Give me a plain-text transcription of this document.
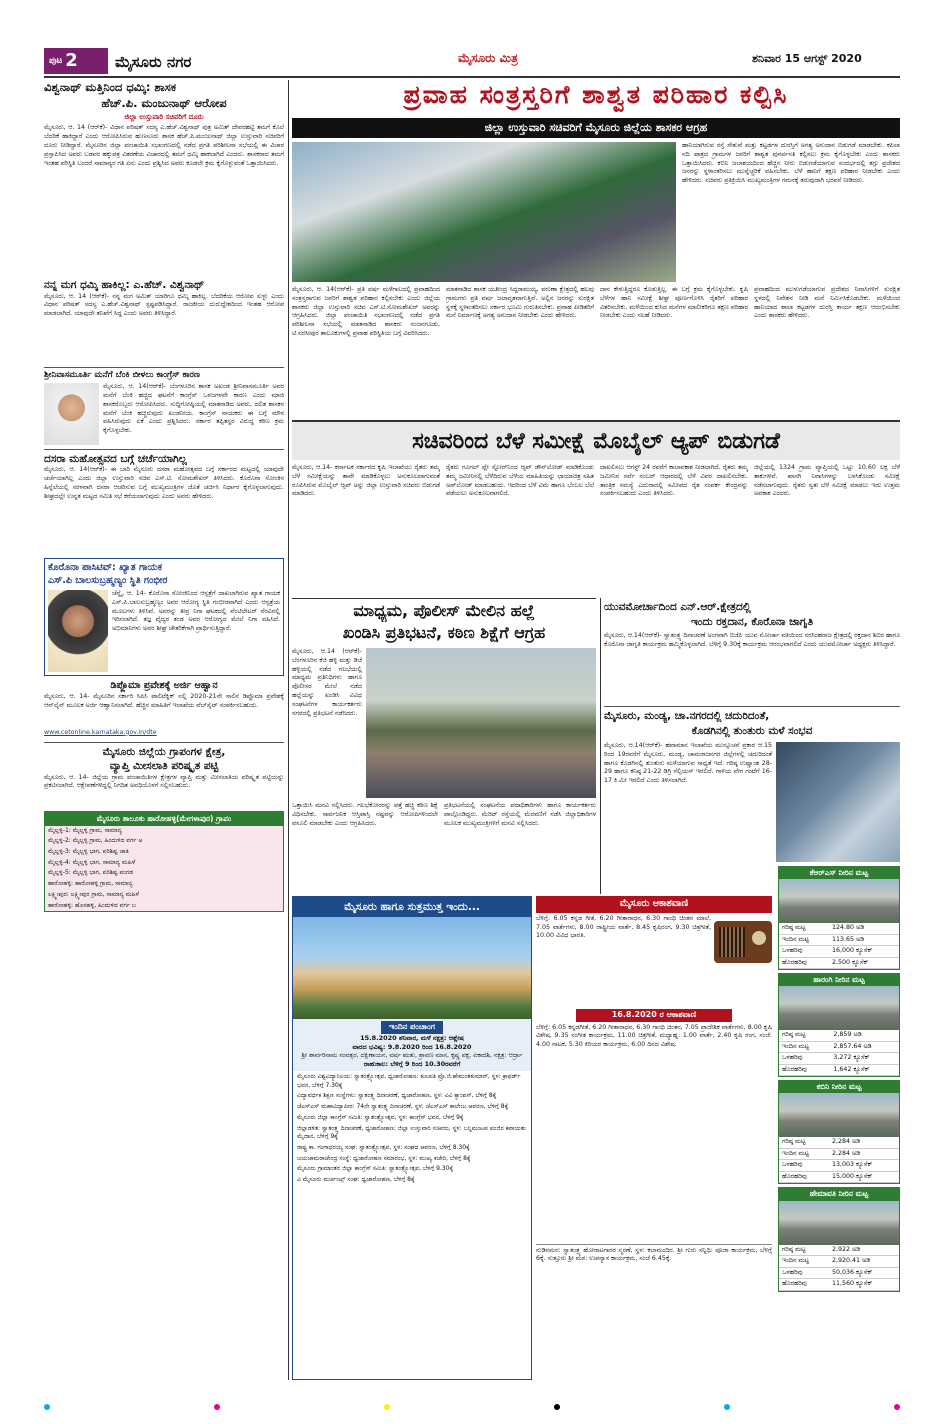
ಪುಟ 2 ಮೈಸೂರು ನಗರ	ಮೈಸೂರು ಮಿತ್ರ	ಶನಿವಾರ 15 ಆಗಸ್ಟ್ 2020
ವಿಶ್ವನಾಥ್ ಮತ್ತಿನಿಂದ ಧಮ್ಕಿ: ಶಾಸಕ
ಹೆಚ್.ಪಿ. ಮಂಜುನಾಥ್ ಆರೋಪ
ಜಿಲ್ಲಾ ಉಸ್ತುವಾರಿ ಸಚಿವರಿಗೆ ದೂರು
ಮೈಸೂರು, ಆ. 14 (ಆರ್‌ಕೆ)- ವಿಧಾನ ಪರಿಷತ್ ಸದಸ್ಯ ಎ.ಹೆಚ್.ವಿಶ್ವನಾಥ್ ಪುತ್ರ ಅಮಿತ್ ದೇವರಹಟ್ಟಿ ತಮಗೆ ಕೊಲೆ ಬೆದರಿಕೆ ಹಾಕಿದ್ದಾರೆ ಎಂದು ಆರೋಪಿಸಿರುವ ಹುಣಸೂರು ಶಾಸಕ ಹೆಚ್.ಪಿ.ಮಂಜುನಾಥ್ ಜಿಲ್ಲಾ ಉಸ್ತುವಾರಿ ಸಚಿವರಿಗೆ ದೂರು ನೀಡಿದ್ದಾರೆ. ಮೈಸೂರಿನ ಜಿಲ್ಲಾ ಪಂಚಾಯಿತಿ ಸಭಾಂಗಣದಲ್ಲಿ ನಡೆದ ಪ್ರಗತಿ ಪರಿಶೀಲನಾ ಸಭೆಯಲ್ಲಿ ಈ ವಿಚಾರ ಪ್ರಸ್ತಾಪಿಸಿದ ಅವರು ಬಡವರ ಹಕ್ಕುಪತ್ರ ವಿತರಣೆಯ ವಿಚಾರದಲ್ಲಿ ತಮಗೆ ಧಮ್ಕಿ ಹಾಕಲಾಗಿದೆ ಎಂದರು. ಶಾಸಕರಾದ ತಮಗೆ ಇಂತಹ ಪರಿಸ್ಥಿತಿ ಬಂದರೆ ಸಾಮಾನ್ಯರ ಗತಿ ಏನು ಎಂದು ಪ್ರಶ್ನಿಸಿದ ಅವರು ಕೂಡಲೇ ಕ್ರಮ ಕೈಗೊಳ್ಳುವಂತೆ ಒತ್ತಾಯಿಸಿದರು.
ನನ್ನ ಮಗ ಧಮ್ಕಿ ಹಾಕಿಲ್ಲ: ಎ.ಹೆಚ್. ವಿಶ್ವನಾಥ್
ಮೈಸೂರು, ಆ. 14 (ಆರ್‌ಕೆ)- ನನ್ನ ಮಗ ಅಮಿತ್ ಯಾರಿಗೂ ಧಮ್ಕಿ ಹಾಕಿಲ್ಲ. ಬೆದರಿಕೆಯ ಆರೋಪ ಸುಳ್ಳು ಎಂದು ವಿಧಾನ ಪರಿಷತ್ ಸದಸ್ಯ ಎ.ಹೆಚ್.ವಿಶ್ವನಾಥ್ ಸ್ಪಷ್ಟಪಡಿಸಿದ್ದಾರೆ. ರಾಜಕೀಯ ದುರುದ್ದೇಶದಿಂದ ಇಂತಹ ಆರೋಪ ಮಾಡಲಾಗಿದೆ. ಯಾವುದೇ ತನಿಖೆಗೆ ಸಿದ್ಧ ಎಂದು ಅವರು ತಿಳಿಸಿದ್ದಾರೆ.
ಶ್ರೀನಿವಾಸಮೂರ್ತಿ ಮನೆಗೆ ಬೆಂಕಿ ಬೀಳಲು ಕಾಂಗ್ರೆಸ್ ಕಾರಣ
ಮೈಸೂರು, ಆ. 14(ಆರ್‌ಕೆ)- ಬೆಂಗಳೂರಿನ ಶಾಸಕ ಅಖಂಡ ಶ್ರೀನಿವಾಸಮೂರ್ತಿ ಅವರ ಮನೆಗೆ ಬೆಂಕಿ ಹಚ್ಚಿದ ಘಟನೆಗೆ ಕಾಂಗ್ರೆಸ್ ಒಳಜಗಳವೇ ಕಾರಣ ಎಂದು ಮಾಜಿ ಶಾಸಕರೊಬ್ಬರು ಆರೋಪಿಸಿದರು. ಸುದ್ದಿಗೋಷ್ಠಿಯಲ್ಲಿ ಮಾತನಾಡಿದ ಅವರು, ದಲಿತ ಶಾಸಕನ ಮನೆಗೆ ಬೆಂಕಿ ಹಚ್ಚಿರುವುದು ಖಂಡನೀಯ. ಕಾಂಗ್ರೆಸ್ ನಾಯಕರು ಈ ಬಗ್ಗೆ ಮೌನ ವಹಿಸಿರುವುದು ಏಕೆ ಎಂದು ಪ್ರಶ್ನಿಸಿದರು. ಸರ್ಕಾರ ತಪ್ಪಿತಸ್ಥರ ವಿರುದ್ಧ ಕಠಿಣ ಕ್ರಮ ಕೈಗೊಳ್ಳಬೇಕು.
ದಸರಾ ಮಹೋತ್ಸವದ ಬಗ್ಗೆ ಚರ್ಚೆಯಾಗಿಲ್ಲ
ಮೈಸೂರು, ಆ. 14(ಆರ್‌ಕೆ)- ಈ ಬಾರಿ ಮೈಸೂರು ದಸರಾ ಮಹೋತ್ಸವದ ಬಗ್ಗೆ ಸರ್ಕಾರದ ಮಟ್ಟದಲ್ಲಿ ಯಾವುದೇ ಚರ್ಚೆಯಾಗಿಲ್ಲ ಎಂದು ಜಿಲ್ಲಾ ಉಸ್ತುವಾರಿ ಸಚಿವ ಎಸ್.ಟಿ. ಸೋಮಶೇಖರ್ ತಿಳಿಸಿದರು. ಕೊರೊನಾ ಸೋಂಕಿನ ಹಿನ್ನೆಲೆಯಲ್ಲಿ ಸರಳವಾಗಿ ದಸರಾ ಆಚರಿಸುವ ಬಗ್ಗೆ ಮುಖ್ಯಮಂತ್ರಿಗಳ ಜೊತೆ ಚರ್ಚಿಸಿ ನಿರ್ಧಾರ ಕೈಗೊಳ್ಳಲಾಗುವುದು. ಶೀಘ್ರದಲ್ಲೇ ಉನ್ನತ ಮಟ್ಟದ ಸಮಿತಿ ಸಭೆ ಕರೆಯಲಾಗುವುದು ಎಂದು ಅವರು ಹೇಳಿದರು.
ಕೊರೊನಾ ಪಾಸಿಟಿವ್: ಖ್ಯಾತ ಗಾಯಕ
ಎಸ್.ಪಿ ಬಾಲಸುಬ್ರಹ್ಮಣ್ಯಂ ಸ್ಥಿತಿ ಗಂಭೀರ
ಚೆನ್ನೈ, ಆ. 14- ಕೊರೊನಾ ಸೋಂಕಿನಿಂದ ಆಸ್ಪತ್ರೆಗೆ ದಾಖಲಾಗಿರುವ ಖ್ಯಾತ ಗಾಯಕ ಎಸ್.ಪಿ.ಬಾಲಸುಬ್ರಹ್ಮಣ್ಯಂ ಅವರ ಆರೋಗ್ಯ ಸ್ಥಿತಿ ಗಂಭೀರವಾಗಿದೆ ಎಂದು ಆಸ್ಪತ್ರೆಯ ಮೂಲಗಳು ತಿಳಿಸಿವೆ. ಅವರನ್ನು ತೀವ್ರ ನಿಗಾ ಘಟಕದಲ್ಲಿ ವೆಂಟಿಲೇಟರ್ ನೆರವಿನಲ್ಲಿ ಇರಿಸಲಾಗಿದೆ. ತಜ್ಞ ವೈದ್ಯರ ತಂಡ ಅವರ ಆರೋಗ್ಯದ ಮೇಲೆ ನಿಗಾ ವಹಿಸಿದೆ. ಅಭಿಮಾನಿಗಳು ಅವರ ಶೀಘ್ರ ಚೇತರಿಕೆಗಾಗಿ ಪ್ರಾರ್ಥಿಸುತ್ತಿದ್ದಾರೆ.
ಡಿಪ್ಲೊಮಾ ಪ್ರವೇಶಕ್ಕೆ ಅರ್ಜಿ ಆಹ್ವಾನ
ಮೈಸೂರು, ಆ. 14- ಮೈಸೂರಿನ ಸರ್ಕಾರಿ ಸಿಪಿಸಿ ಪಾಲಿಟೆಕ್ನಿಕ್ ನಲ್ಲಿ 2020-21ನೇ ಸಾಲಿನ ಡಿಪ್ಲೊಮಾ ಪ್ರವೇಶಕ್ಕೆ ಆನ್‌ಲೈನ್ ಮೂಲಕ ಅರ್ಜಿ ಆಹ್ವಾನಿಸಲಾಗಿದೆ. ಹೆಚ್ಚಿನ ಮಾಹಿತಿಗೆ ಇಲಾಖೆಯ ವೆಬ್‌ಸೈಟ್ ಸಂಪರ್ಕಿಸಬಹುದು.
www.cetonline.karnataka.gov.in/dte
ಮೈಸೂರು ಜಿಲ್ಲೆಯ ಗ್ರಾಪಂಗಳ ಕ್ಷೇತ್ರ,
ವ್ಯಾಪ್ತಿ ಮೀಸಲಾತಿ ಪರಿಷ್ಕೃತ ಪಟ್ಟಿ
ಮೈಸೂರು, ಆ. 14- ಜಿಲ್ಲೆಯ ಗ್ರಾಮ ಪಂಚಾಯಿತಿಗಳ ಕ್ಷೇತ್ರಗಳ ವ್ಯಾಪ್ತಿ ಮತ್ತು ಮೀಸಲಾತಿಯ ಪರಿಷ್ಕೃತ ಪಟ್ಟಿಯನ್ನು ಪ್ರಕಟಿಸಲಾಗಿದೆ. ಆಕ್ಷೇಪಣೆಗಳಿದ್ದಲ್ಲಿ ನಿಗದಿತ ಅವಧಿಯೊಳಗೆ ಸಲ್ಲಿಸಬಹುದು.
ಮೈಸೂರು ತಾಲೂಕು ಹಾರೋಹಳ್ಳಿ(ಮೇಗಳಾಪುರ) ಗ್ರಾಪಂ
ಮೈಲ್ಲಳ್ಳಿ-1: ಮೈಲ್ಲಳ್ಳಿ ಗ್ರಾಮ, ಸಾಮಾನ್ಯ
ಮೈಲ್ಲಳ್ಳಿ-2: ಮೈಲ್ಲಳ್ಳಿ ಗ್ರಾಮ, ಹಿಂದುಳಿದ ವರ್ಗ ಅ
ಮೈಲ್ಲಳ್ಳಿ-3: ಮೈಲ್ಲಳ್ಳಿ ಭಾಗ, ಪರಿಶಿಷ್ಟ ಜಾತಿ
ಮೈಲ್ಲಳ್ಳಿ-4: ಮೈಲ್ಲಳ್ಳಿ ಭಾಗ, ಸಾಮಾನ್ಯ ಮಹಿಳೆ
ಮೈಲ್ಲಳ್ಳಿ-5: ಮೈಲ್ಲಳ್ಳಿ ಭಾಗ, ಪರಿಶಿಷ್ಟ ಪಂಗಡ
ಹಾರೋಹಳ್ಳಿ: ಹಾರೋಹಳ್ಳಿ ಗ್ರಾಮ, ಸಾಮಾನ್ಯ
ಲಕ್ಷ್ಮೀಪುರ: ಲಕ್ಷ್ಮೀಪುರ ಗ್ರಾಮ, ಸಾಮಾನ್ಯ ಮಹಿಳೆ
ಹಾರೋಹಳ್ಳಿ: ಹೊಸಹಳ್ಳಿ, ಹಿಂದುಳಿದ ವರ್ಗ ಬ
ಪ್ರವಾಹ ಸಂತ್ರಸ್ತರಿಗೆ ಶಾಶ್ವತ ಪರಿಹಾರ ಕಲ್ಪಿಸಿ
ಜಿಲ್ಲಾ ಉಸ್ತುವಾರಿ ಸಚಿವರಿಗೆ ಮೈಸೂರು ಜಿಲ್ಲೆಯ ಶಾಸಕರ ಆಗ್ರಹ
ಹಾನಿಯಾಗಿರುವ ರಸ್ತೆ ಸೇತುವೆ ಮತ್ತು ಕಟ್ಟಡಗಳ ದುರಸ್ತಿಗೆ ಅಗತ್ಯ ಅನುದಾನ ಬಿಡುಗಡೆ ಮಾಡಬೇಕು. ಕಪಿಲಾ ನದಿ ಪಾತ್ರದ ಗ್ರಾಮಗಳ ಜನರಿಗೆ ಶಾಶ್ವತ ಪುನರ್ವಸತಿ ಕಲ್ಪಿಸಲು ಕ್ರಮ ಕೈಗೊಳ್ಳಬೇಕು ಎಂದು ಶಾಸಕರು ಒತ್ತಾಯಿಸಿದರು. ಕಬಿನಿ ಜಲಾಶಯದಿಂದ ಹೆಚ್ಚಿನ ನೀರು ಬಿಡುಗಡೆಯಾಗುವ ಸಂದರ್ಭದಲ್ಲಿ ತಗ್ಗು ಪ್ರದೇಶದ ಜನರನ್ನು ಸ್ಥಳಾಂತರಿಸಲು ಮುನ್ನೆಚ್ಚರಿಕೆ ವಹಿಸಬೇಕು. ಬೆಳೆ ಹಾನಿಗೆ ತಕ್ಷಣ ಪರಿಹಾರ ನೀಡಬೇಕು ಎಂದು ಹೇಳಿದರು. ಸಚಿವರು ಪ್ರತಿಕ್ರಿಯಿಸಿ ಮುಖ್ಯಮಂತ್ರಿಗಳ ಗಮನಕ್ಕೆ ತರುವುದಾಗಿ ಭರವಸೆ ನೀಡಿದರು.
ಮೈಸೂರು, ಆ. 14(ಆರ್‌ಕೆ)- ಪ್ರತಿ ವರ್ಷ ಮಳೆಗಾಲದಲ್ಲಿ ಪ್ರವಾಹದಿಂದ ಸಂತ್ರಸ್ತರಾಗುವ ಜನರಿಗೆ ಶಾಶ್ವತ ಪರಿಹಾರ ಕಲ್ಪಿಸಬೇಕು ಎಂದು ಜಿಲ್ಲೆಯ ಶಾಸಕರು ಜಿಲ್ಲಾ ಉಸ್ತುವಾರಿ ಸಚಿವ ಎಸ್.ಟಿ.ಸೋಮಶೇಖರ್ ಅವರನ್ನು ಆಗ್ರಹಿಸಿದರು. ಜಿಲ್ಲಾ ಪಂಚಾಯಿತಿ ಸಭಾಂಗಣದಲ್ಲಿ ನಡೆದ ಪ್ರಗತಿ ಪರಿಶೀಲನಾ ಸಭೆಯಲ್ಲಿ ಮಾತನಾಡಿದ ಶಾಸಕರು ನಂಜನಗೂಡು, ಟಿ.ನರಸೀಪುರ ತಾಲೂಕುಗಳಲ್ಲಿ ಪ್ರವಾಹ ಪರಿಸ್ಥಿತಿಯ ಬಗ್ಗೆ ವಿವರಿಸಿದರು.
ಮಾತನಾಡಿದ ಶಾಸಕ ಯತೀಂದ್ರ ಸಿದ್ದರಾಮಯ್ಯ, ವರುಣಾ ಕ್ಷೇತ್ರದಲ್ಲಿ ಹಲವು ಗ್ರಾಮಗಳು ಪ್ರತಿ ವರ್ಷ ಜಲಾವೃತವಾಗುತ್ತಿವೆ. ಅಲ್ಲಿನ ಜನರನ್ನು ಸುರಕ್ಷಿತ ಸ್ಥಳಕ್ಕೆ ಸ್ಥಳಾಂತರಿಸಲು ಸರ್ಕಾರ ಭೂಮಿ ಗುರುತಿಸಬೇಕು. ಪ್ರವಾಹ ಪೀಡಿತರಿಗೆ ಮನೆ ನಿರ್ಮಾಣಕ್ಕೆ ಅಗತ್ಯ ಅನುದಾನ ನೀಡಬೇಕು ಎಂದು ಹೇಳಿದರು.
ದಾನ ಕೇಳುತ್ತಿದ್ದರೂ ಕೊಡುತ್ತಿಲ್ಲ. ಈ ಬಗ್ಗೆ ಕ್ರಮ ಕೈಗೊಳ್ಳಬೇಕು. ಕೃಷಿ ಬೆಳೆಗಳ ಹಾನಿ ಸಮೀಕ್ಷೆ ಶೀಘ್ರ ಪೂರ್ಣಗೊಳಿಸಿ ರೈತರಿಗೆ ಪರಿಹಾರ ವಿತರಿಸಬೇಕು. ಮಳೆಯಿಂದ ಕುಸಿದ ಮನೆಗಳ ಮಾಲೀಕರಿಗೂ ತಕ್ಷಣ ಪರಿಹಾರ ನೀಡಬೇಕು ಎಂದು ಸಲಹೆ ನೀಡಿದರು.
ಪ್ರವಾಹದಿಂದ ಮುಳುಗಡೆಯಾಗುವ ಪ್ರದೇಶದ ನಿವಾಸಿಗಳಿಗೆ ಸುರಕ್ಷಿತ ಸ್ಥಳದಲ್ಲಿ ನಿವೇಶನ ನೀಡಿ ಮನೆ ನಿರ್ಮಿಸಿಕೊಡಬೇಕು. ಮಳೆಯಿಂದ ಹಾನಿಯಾದ ಶಾಲಾ ಕಟ್ಟಡಗಳ ದುರಸ್ತಿ ಕಾರ್ಯ ತಕ್ಷಣ ಆರಂಭಿಸಬೇಕು ಎಂದು ಶಾಸಕರು ಹೇಳಿದರು.
ಸಚಿವರಿಂದ ಬೆಳೆ ಸಮೀಕ್ಷೆ ಮೊಬೈಲ್ ಆ್ಯಪ್ ಬಿಡುಗಡೆ
ಮೈಸೂರು, ಆ.14- ಕರ್ನಾಟಕ ಸರ್ಕಾರದ ಕೃಷಿ ಇಲಾಖೆಯು ರೈತರು ತಮ್ಮ ಬೆಳೆ ಸಮೀಕ್ಷೆಯನ್ನು ತಾವೇ ಮಾಡಿಕೊಳ್ಳಲು ಅನುಕೂಲವಾಗುವಂತೆ ರೂಪಿಸಿರುವ ಮೊಬೈಲ್ ಆ್ಯಪ್ ಅನ್ನು ಜಿಲ್ಲಾ ಉಸ್ತುವಾರಿ ಸಚಿವರು ಬಿಡುಗಡೆ ಮಾಡಿದರು.
ರೈತರು ಗೂಗಲ್ ಪ್ಲೇ ಸ್ಟೋರ್‌ನಿಂದ ಆ್ಯಪ್ ಡೌನ್‌ಲೋಡ್ ಮಾಡಿಕೊಂಡು ತಮ್ಮ ಜಮೀನಿನಲ್ಲಿ ಬೆಳೆದಿರುವ ಬೆಳೆಯ ಮಾಹಿತಿಯನ್ನು ಛಾಯಾಚಿತ್ರ ಸಹಿತ ಅಪ್‌ಲೋಡ್ ಮಾಡಬಹುದು. ಇದರಿಂದ ಬೆಳೆ ವಿಮೆ ಹಾಗೂ ಬೆಂಬಲ ಬೆಲೆ ಪಡೆಯಲು ಅನುಕೂಲವಾಗಲಿದೆ.
ದಾಖಲಿಸಲು ಆಗಸ್ಟ್ 24 ರವರೆಗೆ ಕಾಲಾವಕಾಶ ನೀಡಲಾಗಿದೆ. ರೈತರು ತಮ್ಮ ಜಮೀನಿನ ಸರ್ವೆ ನಂಬರ್ ಆಧಾರದಲ್ಲಿ ಬೆಳೆ ವಿವರ ದಾಖಲಿಸಬೇಕು. ತಾಂತ್ರಿಕ ಸಮಸ್ಯೆ ಎದುರಾದಲ್ಲಿ ಸಮೀಪದ ರೈತ ಸಂಪರ್ಕ ಕೇಂದ್ರವನ್ನು ಸಂಪರ್ಕಿಸಬಹುದು ಎಂದು ತಿಳಿಸಿದರು.
ಜಿಲ್ಲೆಯಲ್ಲಿ 1324 ಗ್ರಾಮ ವ್ಯಾಪ್ತಿಯಲ್ಲಿ ಒಟ್ಟು 10.60 ಲಕ್ಷ ಬೆಳೆ ತಾಕುಗಳಿವೆ. ಖಾಸಗಿ ನಿವಾಸಿಗಳನ್ನು ಬಳಸಿಕೊಂಡು ಸಮೀಕ್ಷೆ ನಡೆಸಲಾಗುವುದು. ರೈತರು ಸ್ವತಃ ಬೆಳೆ ಸಮೀಕ್ಷೆ ಮಾಡಲು ಇದು ಉತ್ತಮ ಅವಕಾಶ ಎಂದರು.
ಮಾಧ್ಯಮ, ಪೊಲೀಸ್ ಮೇಲಿನ ಹಲ್ಲೆ
ಖಂಡಿಸಿ ಪ್ರತಿಭಟನೆ, ಕಠಿಣ ಶಿಕ್ಷೆಗೆ ಆಗ್ರಹ
ಮೈಸೂರು, ಆ.14 (ಆರ್‌ಕೆ)- ಬೆಂಗಳೂರಿನ ಕೆಜಿ ಹಳ್ಳಿ ಮತ್ತು ಡಿಜೆ ಹಳ್ಳಿಯಲ್ಲಿ ನಡೆದ ಗಲಭೆಯಲ್ಲಿ ಮಾಧ್ಯಮ ಪ್ರತಿನಿಧಿಗಳು ಹಾಗೂ ಪೊಲೀಸರ ಮೇಲೆ ನಡೆದ ಹಲ್ಲೆಯನ್ನು ಖಂಡಿಸಿ ವಿವಿಧ ಸಂಘಟನೆಗಳ ಕಾರ್ಯಕರ್ತರು ನಗರದಲ್ಲಿ ಪ್ರತಿಭಟನೆ ನಡೆಸಿದರು.
ಒತ್ತಾಯಿಸಿ ಮನವಿ ಸಲ್ಲಿಸಿದರು. ಗಲಭೆಕೋರರನ್ನು ಪತ್ತೆ ಹಚ್ಚಿ ಕಠಿಣ ಶಿಕ್ಷೆ ವಿಧಿಸಬೇಕು. ಸಾರ್ವಜನಿಕ ಆಸ್ತಿಪಾಸ್ತಿ ನಷ್ಟವನ್ನು ಆರೋಪಿಗಳಿಂದಲೇ ವಸೂಲಿ ಮಾಡಬೇಕು ಎಂದು ಆಗ್ರಹಿಸಿದರು.
ಪ್ರತಿಭಟನೆಯಲ್ಲಿ ಸಂಘಟನೆಯ ಪದಾಧಿಕಾರಿಗಳು ಹಾಗೂ ಕಾರ್ಯಕರ್ತರು ಪಾಲ್ಗೊಂಡಿದ್ದರು. ಮೆರಿಟ್ ರಸ್ತೆಯಲ್ಲಿ ಮೆರವಣಿಗೆ ನಡೆಸಿ ಜಿಲ್ಲಾಧಿಕಾರಿಗಳ ಮೂಲಕ ಮುಖ್ಯಮಂತ್ರಿಗಳಿಗೆ ಮನವಿ ಸಲ್ಲಿಸಿದರು.
ಯುವಮೋರ್ಚಾದಿಂದ ಎನ್.ಆರ್.ಕ್ಷೇತ್ರದಲ್ಲಿ
ಇಂದು ರಕ್ತದಾನ, ಕೊರೊನಾ ಜಾಗೃತಿ
ಮೈಸೂರು, ಆ.14(ಆರ್‌ಕೆ)- ಸ್ವಾತಂತ್ರ್ಯ ದಿನಾಚರಣೆ ಅಂಗವಾಗಿ ಬಿಜೆಪಿ ಯುವ ಮೋರ್ಚಾ ವತಿಯಿಂದ ನರಸಿಂಹರಾಜ ಕ್ಷೇತ್ರದಲ್ಲಿ ರಕ್ತದಾನ ಶಿಬಿರ ಹಾಗೂ ಕೊರೊನಾ ಜಾಗೃತಿ ಕಾರ್ಯಕ್ರಮ ಹಮ್ಮಿಕೊಳ್ಳಲಾಗಿದೆ. ಬೆಳಿಗ್ಗೆ 9.30ಕ್ಕೆ ಕಾರ್ಯಕ್ರಮ ಆರಂಭವಾಗಲಿದೆ ಎಂದು ಯುವಮೋರ್ಚಾ ಅಧ್ಯಕ್ಷರು ತಿಳಿಸಿದ್ದಾರೆ.
ಮೈಸೂರು, ಮಂಡ್ಯ, ಚಾ.ನಗರದಲ್ಲಿ ಚದುರಿದಂತೆ,
ಕೊಡಗಿನಲ್ಲಿ ತುಂತುರು ಮಳೆ ಸಂಭವ
ಮೈಸೂರು, ಆ.14(ಆರ್‌ಕೆ)- ಹವಾಮಾನ ಇಲಾಖೆಯ ಮುನ್ಸೂಚನೆ ಪ್ರಕಾರ ಆ.15 ರಿಂದ 19ರವರೆಗೆ ಮೈಸೂರು, ಮಂಡ್ಯ, ಚಾಮರಾಜನಗರ ಜಿಲ್ಲೆಗಳಲ್ಲಿ ಚದುರಿದಂತೆ ಹಾಗೂ ಕೊಡಗಿನಲ್ಲಿ ತುಂತುರು ಮಳೆಯಾಗುವ ಸಾಧ್ಯತೆ ಇದೆ. ಗರಿಷ್ಠ ಉಷ್ಣಾಂಶ 28-29 ಹಾಗೂ ಕನಿಷ್ಠ 21-22 ಡಿಗ್ರಿ ಸೆಲ್ಸಿಯಸ್ ಇರಲಿದೆ. ಗಾಳಿಯ ವೇಗ ಗಂಟೆಗೆ 16-17 ಕಿ.ಮೀ ಇರಲಿದೆ ಎಂದು ತಿಳಿಸಲಾಗಿದೆ.
ಮೈಸೂರು ಹಾಗೂ ಸುತ್ತಮುತ್ತ ಇಂದು...
ಇಂದಿನ ಪಂಚಾಂಗ
15.8.2020 ಶನಿವಾರ, ಮಳೆ ನಕ್ಷತ್ರ: ಆಶ್ಲೇಷ
ವಾರದ ಭವಿಷ್ಯ: 9.8.2020 ರಿಂದ 16.8.2020
ಶ್ರೀ ಶಾರ್ವರಿನಾಮ ಸಂವತ್ಸರ, ದಕ್ಷಿಣಾಯನ, ವರ್ಷ ಋತು, ಶ್ರಾವಣ ಮಾಸ, ಕೃಷ್ಣ ಪಕ್ಷ, ಏಕಾದಶಿ, ನಕ್ಷತ್ರ: ಆರ್ದ್ರಾ
ರಾಹುಕಾಲ: ಬೆಳಿಗ್ಗೆ 9 ರಿಂದ 10.30ರವರೆಗೆ
ಮೈಸೂರು ವಿಶ್ವವಿದ್ಯಾನಿಲಯ: ಸ್ವಾತಂತ್ರ್ಯೋತ್ಸವ, ಧ್ವಜಾರೋಹಣ: ಕುಲಪತಿ ಪ್ರೊ.ಜಿ.ಹೇಮಂತಕುಮಾರ್, ಸ್ಥಳ: ಕ್ರಾಫರ್ಡ್ ಭವನ, ಬೆಳಿಗ್ಗೆ 7.30ಕ್ಕೆ
ವಿದ್ಯಾವರ್ಧಕ ಶಿಕ್ಷಣ ಸಂಸ್ಥೆಗಳು: ಸ್ವಾತಂತ್ರ್ಯ ದಿನಾಚರಣೆ, ಧ್ವಜಾರೋಹಣ, ಸ್ಥಳ: ವಿವಿ ಕ್ಯಾಂಪಸ್, ಬೆಳಿಗ್ಗೆ 8ಕ್ಕೆ
ಜೆಎಸ್‌ಎಸ್ ಮಹಾವಿದ್ಯಾಪೀಠ: 74ನೇ ಸ್ವಾತಂತ್ರ್ಯ ದಿನಾಚರಣೆ, ಸ್ಥಳ: ಜೆಎಸ್‌ಎಸ್ ಕಾಲೇಜು ಆವರಣ, ಬೆಳಿಗ್ಗೆ 8ಕ್ಕೆ
ಮೈಸೂರು ಜಿಲ್ಲಾ ಕಾಂಗ್ರೆಸ್ ಸಮಿತಿ: ಸ್ವಾತಂತ್ರ್ಯೋತ್ಸವ, ಸ್ಥಳ: ಕಾಂಗ್ರೆಸ್ ಭವನ, ಬೆಳಿಗ್ಗೆ 9ಕ್ಕೆ
ಜಿಲ್ಲಾಡಳಿತ: ಸ್ವಾತಂತ್ರ್ಯ ದಿನಾಚರಣೆ, ಧ್ವಜಾರೋಹಣ: ಜಿಲ್ಲಾ ಉಸ್ತುವಾರಿ ಸಚಿವರು, ಸ್ಥಳ: ಬನ್ನಿಮಂಟಪ ಪಂಜಿನ ಕವಾಯತು ಮೈದಾನ, ಬೆಳಿಗ್ಗೆ 9ಕ್ಕೆ
ರಾಷ್ಟ್ರ ಕಾ. ಗಂಗಾಧರಯ್ಯ ಸಂಘ: ಸ್ವಾತಂತ್ರ್ಯೋತ್ಸವ, ಸ್ಥಳ: ಸಂಘದ ಆವರಣ, ಬೆಳಿಗ್ಗೆ 8.30ಕ್ಕೆ
ಜಯಚಾಮರಾಜೇಂದ್ರ ಸಂಸ್ಥೆ: ಧ್ವಜಾರೋಹಣ ಸಮಾರಂಭ, ಸ್ಥಳ: ಮುಖ್ಯ ಕಚೇರಿ, ಬೆಳಿಗ್ಗೆ 8ಕ್ಕೆ
ಮೈಸೂರು ಗ್ರಾಮಾಂತರ ಜಿಲ್ಲಾ ಕಾಂಗ್ರೆಸ್ ಸಮಿತಿ: ಸ್ವಾತಂತ್ರ್ಯೋತ್ಸವ, ಬೆಳಿಗ್ಗೆ 9.30ಕ್ಕೆ
ವಿ ಮೈಸೂರು ಮರ್ಚಂಟ್ಸ್ ಸಂಘ: ಧ್ವಜಾರೋಹಣ, ಬೆಳಿಗ್ಗೆ 8ಕ್ಕೆ
ಮೈಸೂರು ಆಕಾಶವಾಣಿ
ಬೆಳಿಗ್ಗೆ: 6.05 ಕನ್ನಡ ಗೀತೆ, 6.20 ಗೀತಾರಾಧನ, 6.30 ಗಾಂಧಿ ಚಿಂತನ ಮಾಲೆ, 7.05 ವಾರ್ತೆಗಳು, 8.00 ರಾಷ್ಟ್ರೀಯ ವಾರ್ತೆ, 8.45 ಕೃಷಿರಂಗ, 9.30 ಚಿತ್ರಗೀತೆ, 10.00 ವಿವಿಧ ಭಾರತಿ.
16.8.2020 ರ ಆಕಾಶವಾಣಿ
ಬೆಳಿಗ್ಗೆ: 6.05 ಕನ್ನಡಗೀತೆ, 6.20 ಗೀತಾರಾಧನ, 6.30 ಗಾಂಧಿ ಚಿಂತನ, 7.05 ಪ್ರಾದೇಶಿಕ ವಾರ್ತೆಗಳು, 8.00 ಕೃಷಿ ವಿಶೇಷ, 9.35 ಸಂಗೀತ ಕಾರ್ಯಕ್ರಮ, 11.00 ಚಿತ್ರಗೀತೆ, ಮಧ್ಯಾಹ್ನ: 1.00 ವಾರ್ತೆ, 2.40 ಕೃಷಿ ರಂಗ, ಸಂಜೆ: 4.00 ನಾಟಕ, 5.30 ಕಿರಿಯರ ಕಾರ್ಯಕ್ರಮ, 6.00 ದಿನದ ವಿಶೇಷ.
ನುಡಿನಮನ: ಸ್ವಾತಂತ್ರ್ಯ ಹೋರಾಟಗಾರರ ಸ್ಮರಣೆ, ಸ್ಥಳ: ಕಲಾಮಂದಿರ. ಶ್ರೀ ಗುರು ಸನ್ನಿಧಿ: ಪೂಜಾ ಕಾರ್ಯಕ್ರಮ, ಬೆಳಿಗ್ಗೆ 6ಕ್ಕೆ. ಸುತ್ತೂರು ಶ್ರೀ ಮಠ: ಉಪನ್ಯಾಸ ಕಾರ್ಯಕ್ರಮ, ಸಂಜೆ 6.45ಕ್ಕೆ.
ಕೆಆರ್‌ಎಸ್ ನೀರಿನ ಮಟ್ಟ
ಗರಿಷ್ಠ ಮಟ್ಟ	124.80 ಅಡಿ
ಇಂದಿನ ಮಟ್ಟ	113.65 ಅಡಿ
ಒಳಹರಿವು	16,000 ಕ್ಯೂಸೆಕ್
ಹೊರಹರಿವು	2,500 ಕ್ಯೂಸೆಕ್
ಹಾರಂಗಿ ನೀರಿನ ಮಟ್ಟ
ಗರಿಷ್ಠ ಮಟ್ಟ	2,859 ಅಡಿ
ಇಂದಿನ ಮಟ್ಟ	2,857.64 ಅಡಿ
ಒಳಹರಿವು	3,272 ಕ್ಯೂಸೆಕ್
ಹೊರಹರಿವು	1,642 ಕ್ಯೂಸೆಕ್
ಕಬಿನಿ ನೀರಿನ ಮಟ್ಟ
ಗರಿಷ್ಠ ಮಟ್ಟ	2,284 ಅಡಿ
ಇಂದಿನ ಮಟ್ಟ	2,284 ಅಡಿ
ಒಳಹರಿವು	13,003 ಕ್ಯೂಸೆಕ್
ಹೊರಹರಿವು	15,000 ಕ್ಯೂಸೆಕ್
ಹೇಮಾವತಿ ನೀರಿನ ಮಟ್ಟ
ಗರಿಷ್ಠ ಮಟ್ಟ	2,922 ಅಡಿ
ಇಂದಿನ ಮಟ್ಟ	2,920.41 ಅಡಿ
ಒಳಹರಿವು	50,036 ಕ್ಯೂಸೆಕ್
ಹೊರಹರಿವು	11,560 ಕ್ಯೂಸೆಕ್
